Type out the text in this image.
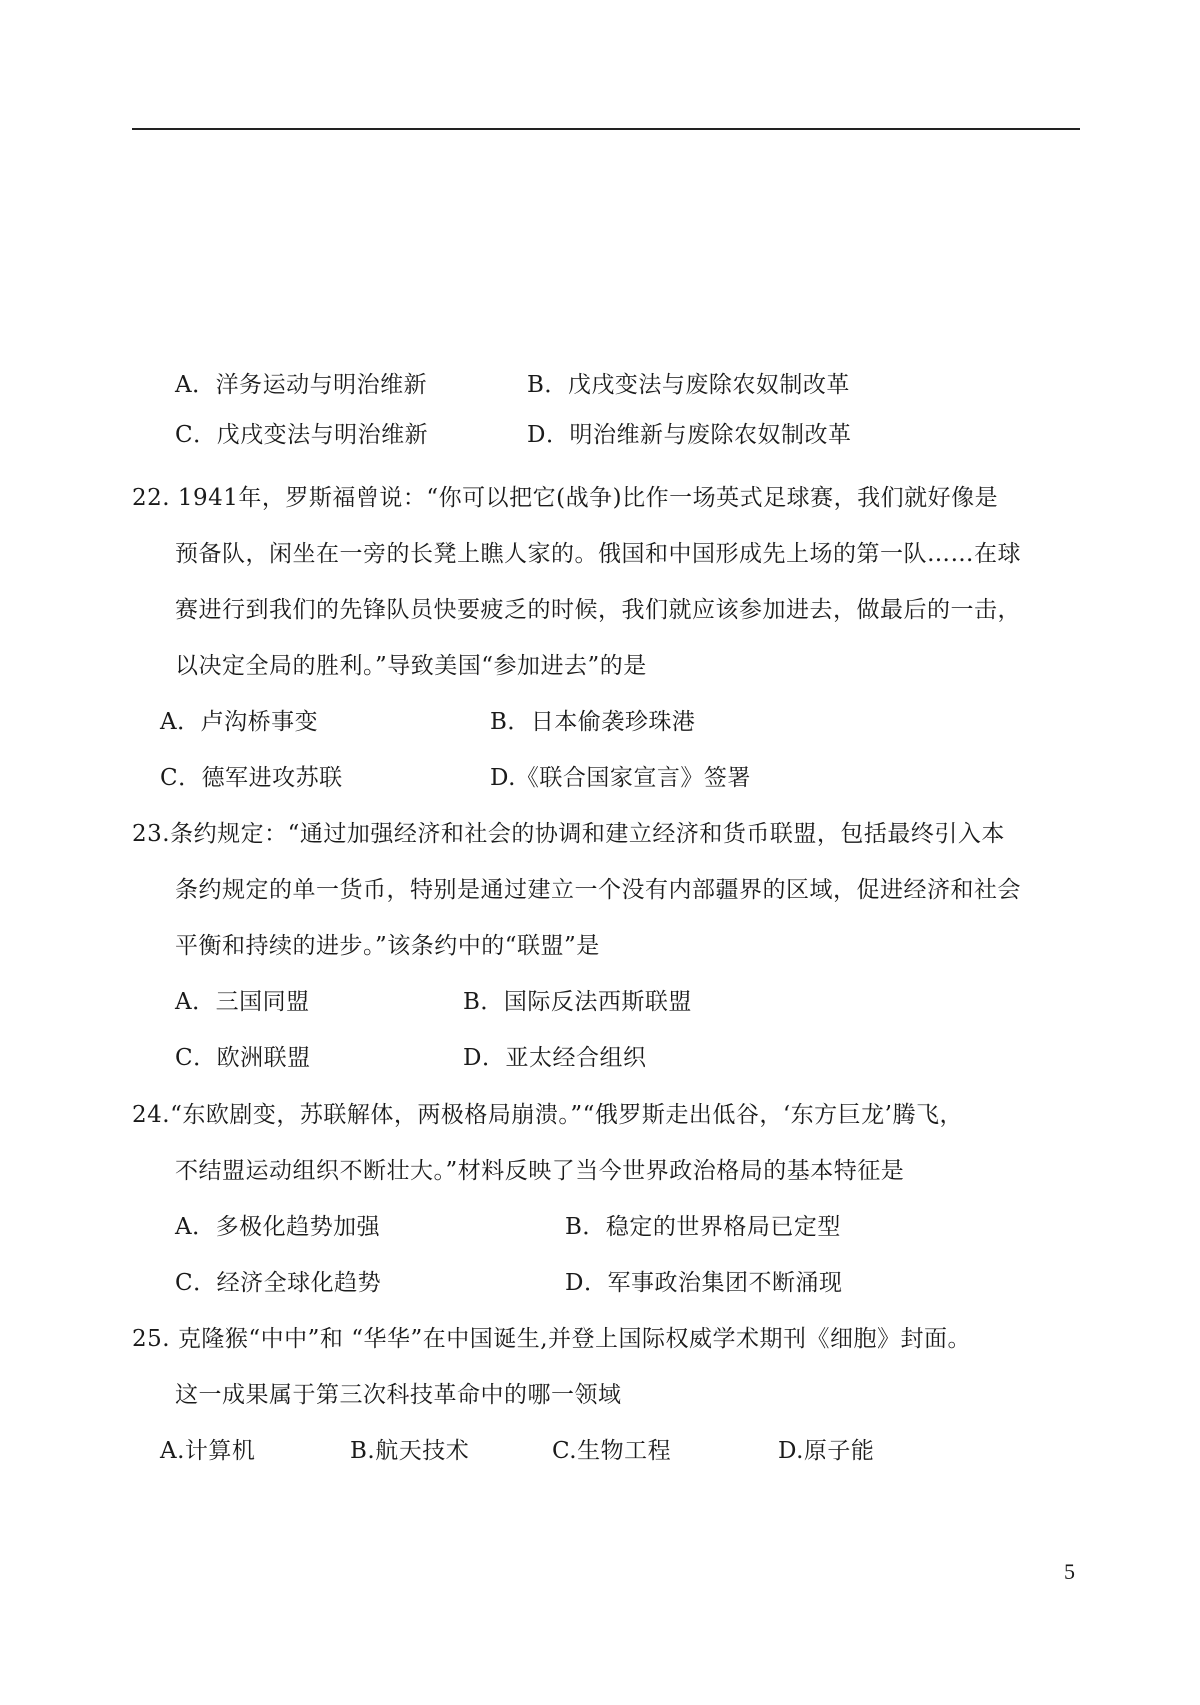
A．洋务运动与明治维新	B．戊戌变法与废除农奴制改革
C．戊戌变法与明治维新	D．明治维新与废除农奴制改革
22. 1941年，罗斯福曾说：“你可以把它(战争)比作一场英式足球赛，我们就好像是
预备队，闲坐在一旁的长凳上瞧人家的。俄国和中国形成先上场的第一队……在球
赛进行到我们的先锋队员快要疲乏的时候，我们就应该参加进去，做最后的一击，
以决定全局的胜利。”导致美国“参加进去”的是
A．卢沟桥事变	B．日本偷袭珍珠港
C．德军进攻苏联	D.《联合国家宣言》签署
23.条约规定：“通过加强经济和社会的协调和建立经济和货币联盟，包括最终引入本
条约规定的单一货币，特别是通过建立一个没有内部疆界的区域，促进经济和社会
平衡和持续的进步。”该条约中的“联盟”是
A．三国同盟	B．国际反法西斯联盟
C．欧洲联盟	D．亚太经合组织
24.“东欧剧变，苏联解体，两极格局崩溃。”“俄罗斯走出低谷，‘东方巨龙’腾飞，
不结盟运动组织不断壮大。”材料反映了当今世界政治格局的基本特征是
A．多极化趋势加强	B．稳定的世界格局已定型
C．经济全球化趋势	D．军事政治集团不断涌现
25. 克隆猴“中中”和 “华华”在中国诞生,并登上国际权威学术期刊《细胞》封面。
这一成果属于第三次科技革命中的哪一领域
A.计算机	B.航天技术	C.生物工程	D.原子能
5
